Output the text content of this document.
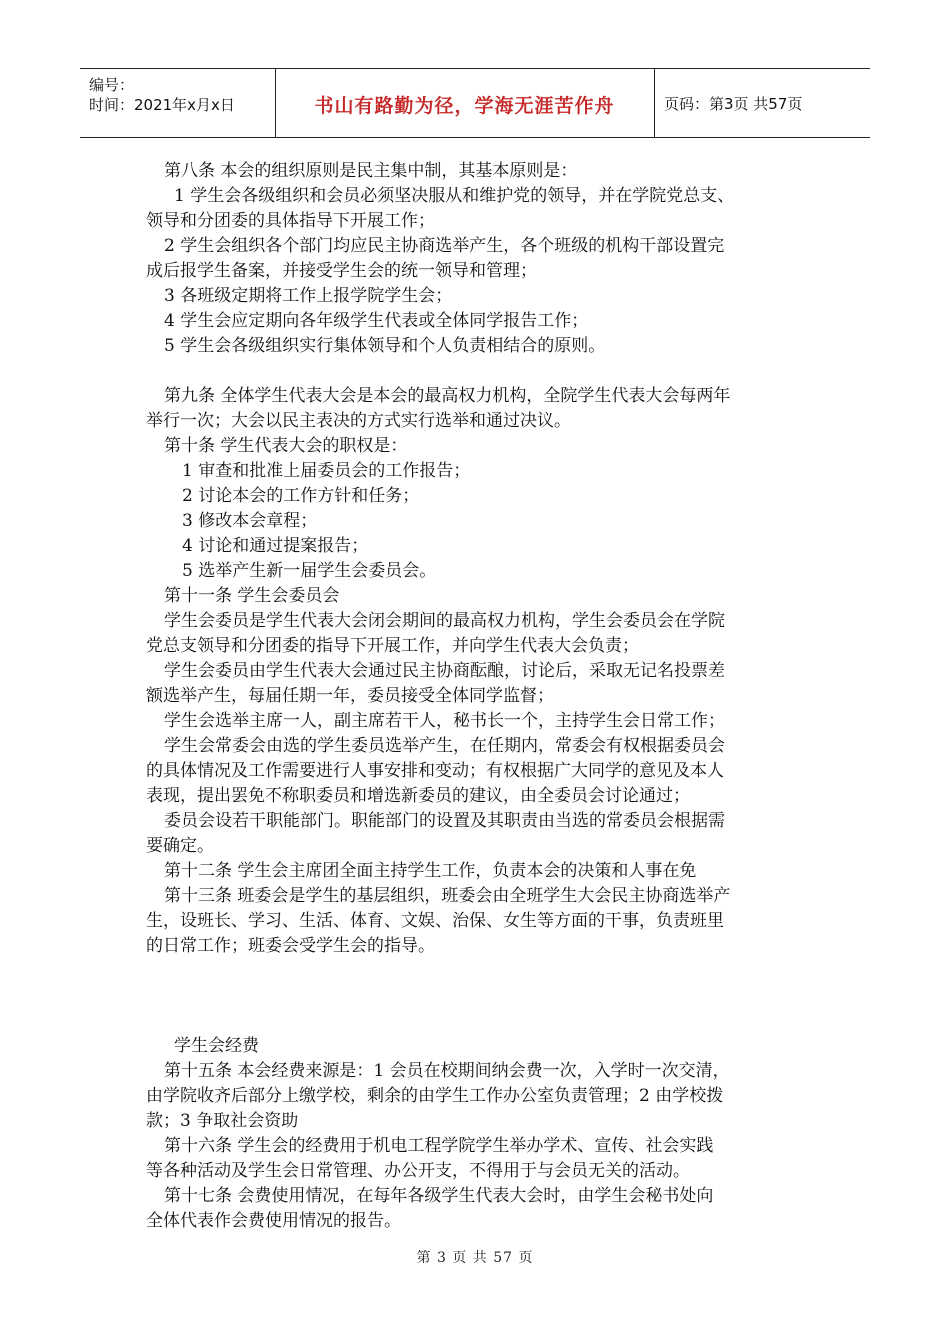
编号：
时间：2021年x月x日	书山有路勤为径，学海无涯苦作舟	页码：第3页 共57页
第八条 本会的组织原则是民主集中制，其基本原则是：
1 学生会各级组织和会员必须坚决服从和维护党的领导，并在学院党总支、
领导和分团委的具体指导下开展工作；
2 学生会组织各个部门均应民主协商选举产生，各个班级的机构干部设置完
成后报学生备案，并接受学生会的统一领导和管理；
3 各班级定期将工作上报学院学生会；
4 学生会应定期向各年级学生代表或全体同学报告工作；
5 学生会各级组织实行集体领导和个人负责相结合的原则。
第九条 全体学生代表大会是本会的最高权力机构，全院学生代表大会每两年
举行一次；大会以民主表决的方式实行选举和通过决议。
第十条 学生代表大会的职权是：
1 审查和批准上届委员会的工作报告；
2 讨论本会的工作方针和任务；
3 修改本会章程；
4 讨论和通过提案报告；
5 选举产生新一届学生会委员会。
第十一条 学生会委员会
学生会委员是学生代表大会闭会期间的最高权力机构，学生会委员会在学院
党总支领导和分团委的指导下开展工作，并向学生代表大会负责；
学生会委员由学生代表大会通过民主协商酝酿，讨论后，采取无记名投票差
额选举产生，每届任期一年，委员接受全体同学监督；
学生会选举主席一人，副主席若干人，秘书长一个，主持学生会日常工作；
学生会常委会由选的学生委员选举产生，在任期内，常委会有权根据委员会
的具体情况及工作需要进行人事安排和变动；有权根据广大同学的意见及本人
表现，提出罢免不称职委员和增选新委员的建议，由全委员会讨论通过；
委员会设若干职能部门。职能部门的设置及其职责由当选的常委员会根据需
要确定。
第十二条 学生会主席团全面主持学生工作，负责本会的决策和人事在免
第十三条 班委会是学生的基层组织，班委会由全班学生大会民主协商选举产
生，设班长、学习、生活、体育、文娱、治保、女生等方面的干事，负责班里
的日常工作；班委会受学生会的指导。
学生会经费
第十五条 本会经费来源是：1 会员在校期间纳会费一次，入学时一次交清，
由学院收齐后部分上缴学校，剩余的由学生工作办公室负责管理；2 由学校拨
款；3 争取社会资助
第十六条 学生会的经费用于机电工程学院学生举办学术、宣传、社会实践
等各种活动及学生会日常管理、办公开支，不得用于与会员无关的活动。
第十七条 会费使用情况，在每年各级学生代表大会时，由学生会秘书处向
全体代表作会费使用情况的报告。
第 3 页 共 57 页
